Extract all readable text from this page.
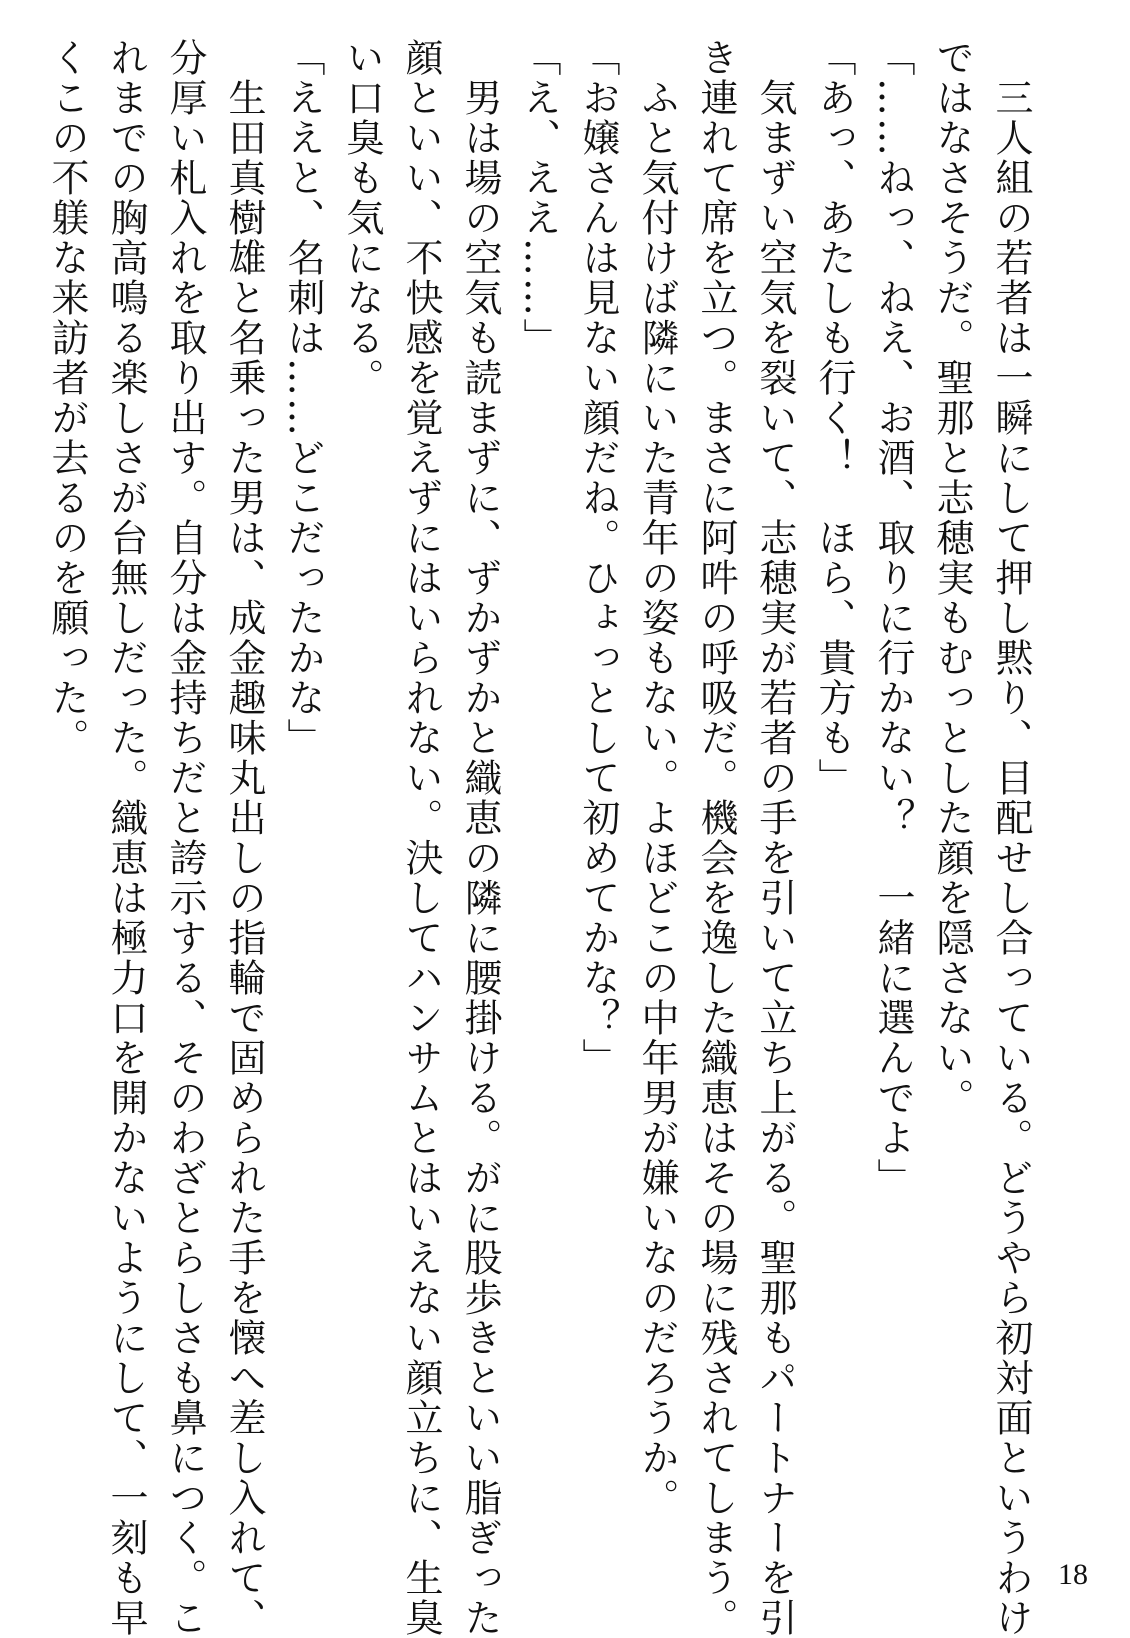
　三人組の若者は一瞬にして押し黙り、目配せし合っている。どうやら初対面というわけ
ではなさそうだ。聖那と志穂実もむっとした顔を隠さない。
「……ねっ、ねえ、お酒、取りに行かない？　一緒に選んでよ」
「あっ、あたしも行く！　ほら、貴方も」
　気まずい空気を裂いて、志穂実が若者の手を引いて立ち上がる。聖那もパートナーを引
き連れて席を立つ。まさに阿吽の呼吸だ。機会を逸した織恵はその場に残されてしまう。
　ふと気付けば隣にいた青年の姿もない。よほどこの中年男が嫌いなのだろうか。
「お嬢さんは見ない顔だね。ひょっとして初めてかな？」
「え、ええ……」
　男は場の空気も読まずに、ずかずかと織恵の隣に腰掛ける。がに股歩きといい脂ぎった
顔といい、不快感を覚えずにはいられない。決してハンサムとはいえない顔立ちに、生臭
い口臭も気になる。
「ええと、名刺は……どこだったかな」
　生田真樹雄と名乗った男は、成金趣味丸出しの指輪で固められた手を懐へ差し入れて、
分厚い札入れを取り出す。自分は金持ちだと誇示する、そのわざとらしさも鼻につく。こ
れまでの胸高鳴る楽しさが台無しだった。織恵は極力口を開かないようにして、一刻も早
くこの不躾な来訪者が去るのを願った。
18
